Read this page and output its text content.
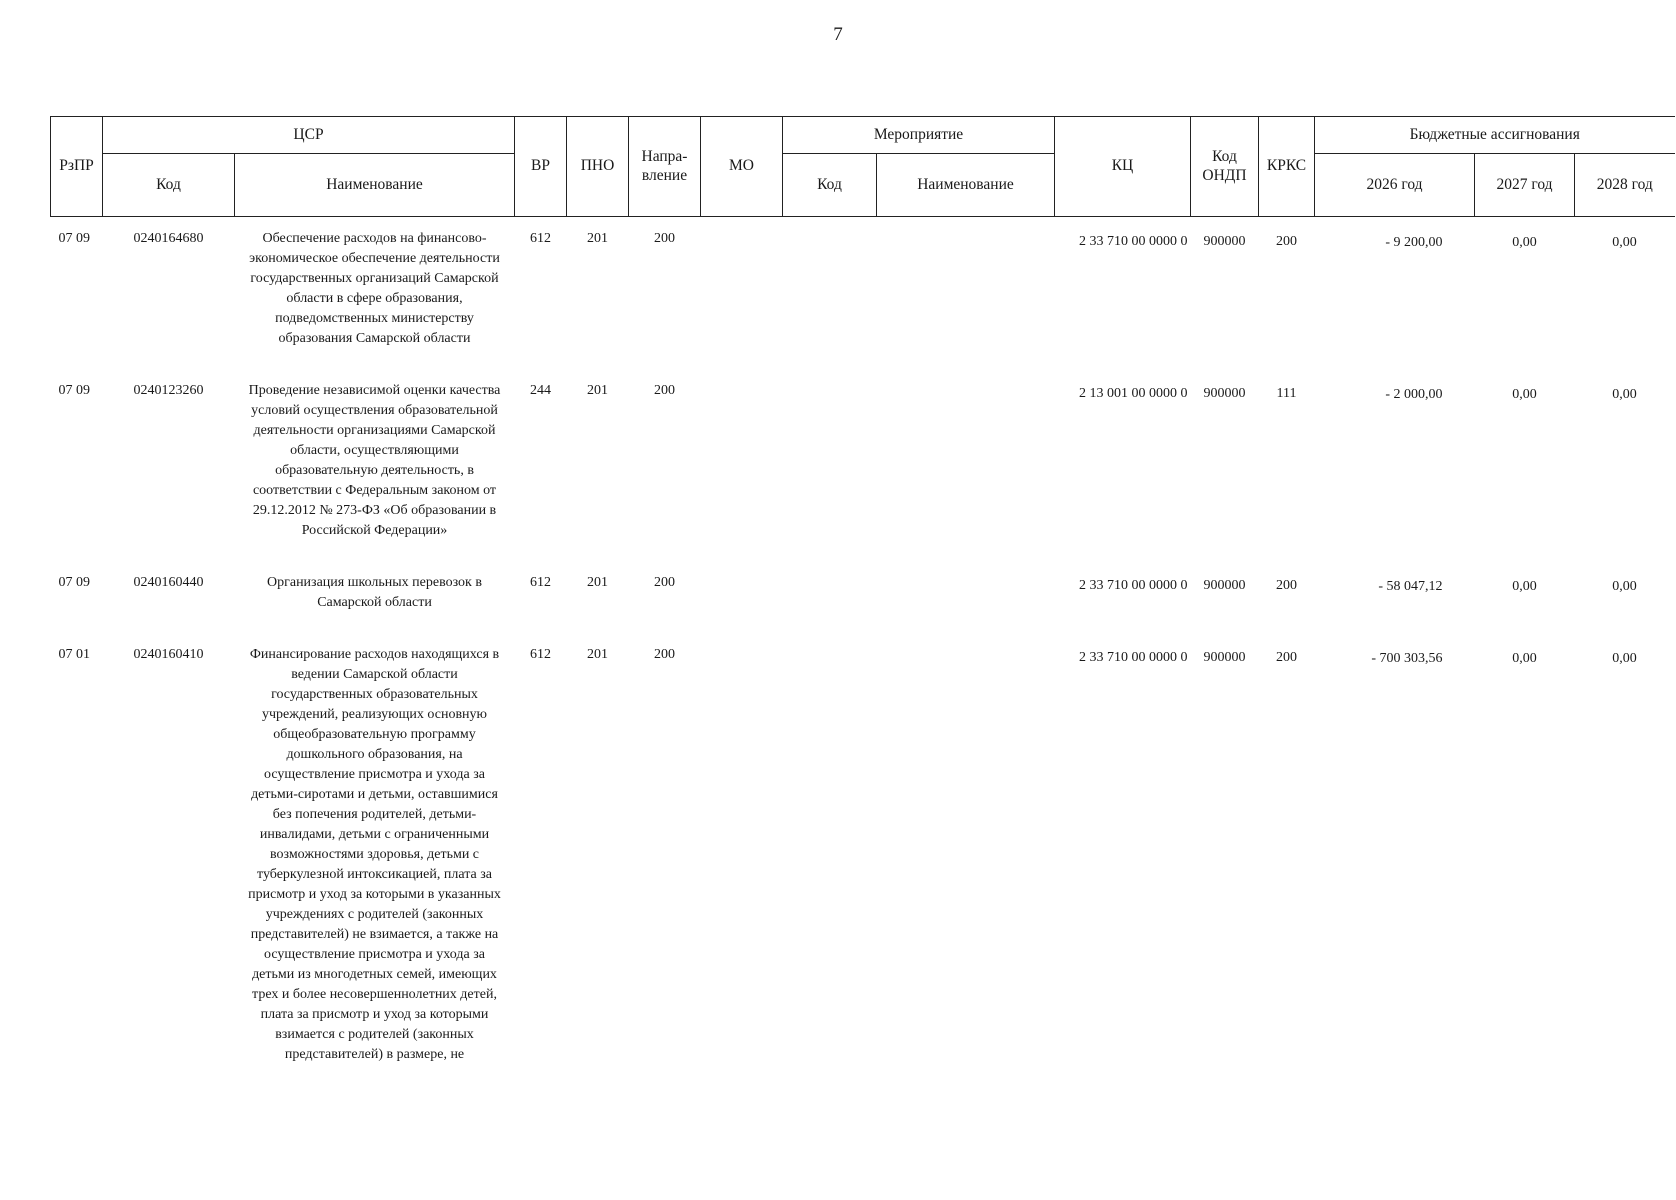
7
РзПР	ЦСР		ВР	ПНО	Напра-вление	МО	Мероприятие		КЦ	Код ОНДП	КРКС	Бюджетные ассигнования		
	Код	Наименование					Код	Наименование				2026 год	2027 год	2028 год
07 09	0240164680	Обеспечение расходов на финансово-экономическое обеспечение деятельности государственных организаций Самарской области в сфере образования, подведомственных министерству образования Самарской области	612	201	200				2 33 710 00 0000 0	900000	200	- 9 200,00	0,00	0,00

07 09	0240123260	Проведение независимой оценки качества условий осуществления образовательной деятельности организациями Самарской области, осуществляющими образовательную деятельность, в соответствии с Федеральным законом от 29.12.2012 № 273-ФЗ «Об образовании в Российской Федерации»	244	201	200				2 13 001 00 0000 0	900000	111	- 2 000,00	0,00	0,00

07 09	0240160440	Организация школьных перевозок в Самарской области	612	201	200				2 33 710 00 0000 0	900000	200	- 58 047,12	0,00	0,00

07 01	0240160410	Финансирование расходов находящихся в ведении Самарской области государственных образовательных учреждений, реализующих основную общеобразовательную программу дошкольного образования, на осуществление присмотра и ухода за детьми-сиротами и детьми, оставшимися без попечения родителей, детьми-инвалидами, детьми с ограниченными возможностями здоровья, детьми с туберкулезной интоксикацией, плата за присмотр и уход за которыми в указанных учреждениях с родителей (законных представителей) не взимается, а также на осуществление присмотра и ухода за детьми из многодетных семей, имеющих трех и более несовершеннолетних детей, плата за присмотр и уход за которыми взимается с родителей (законных представителей) в размере, не	612	201	200				2 33 710 00 0000 0	900000	200	- 700 303,56	0,00	0,00
